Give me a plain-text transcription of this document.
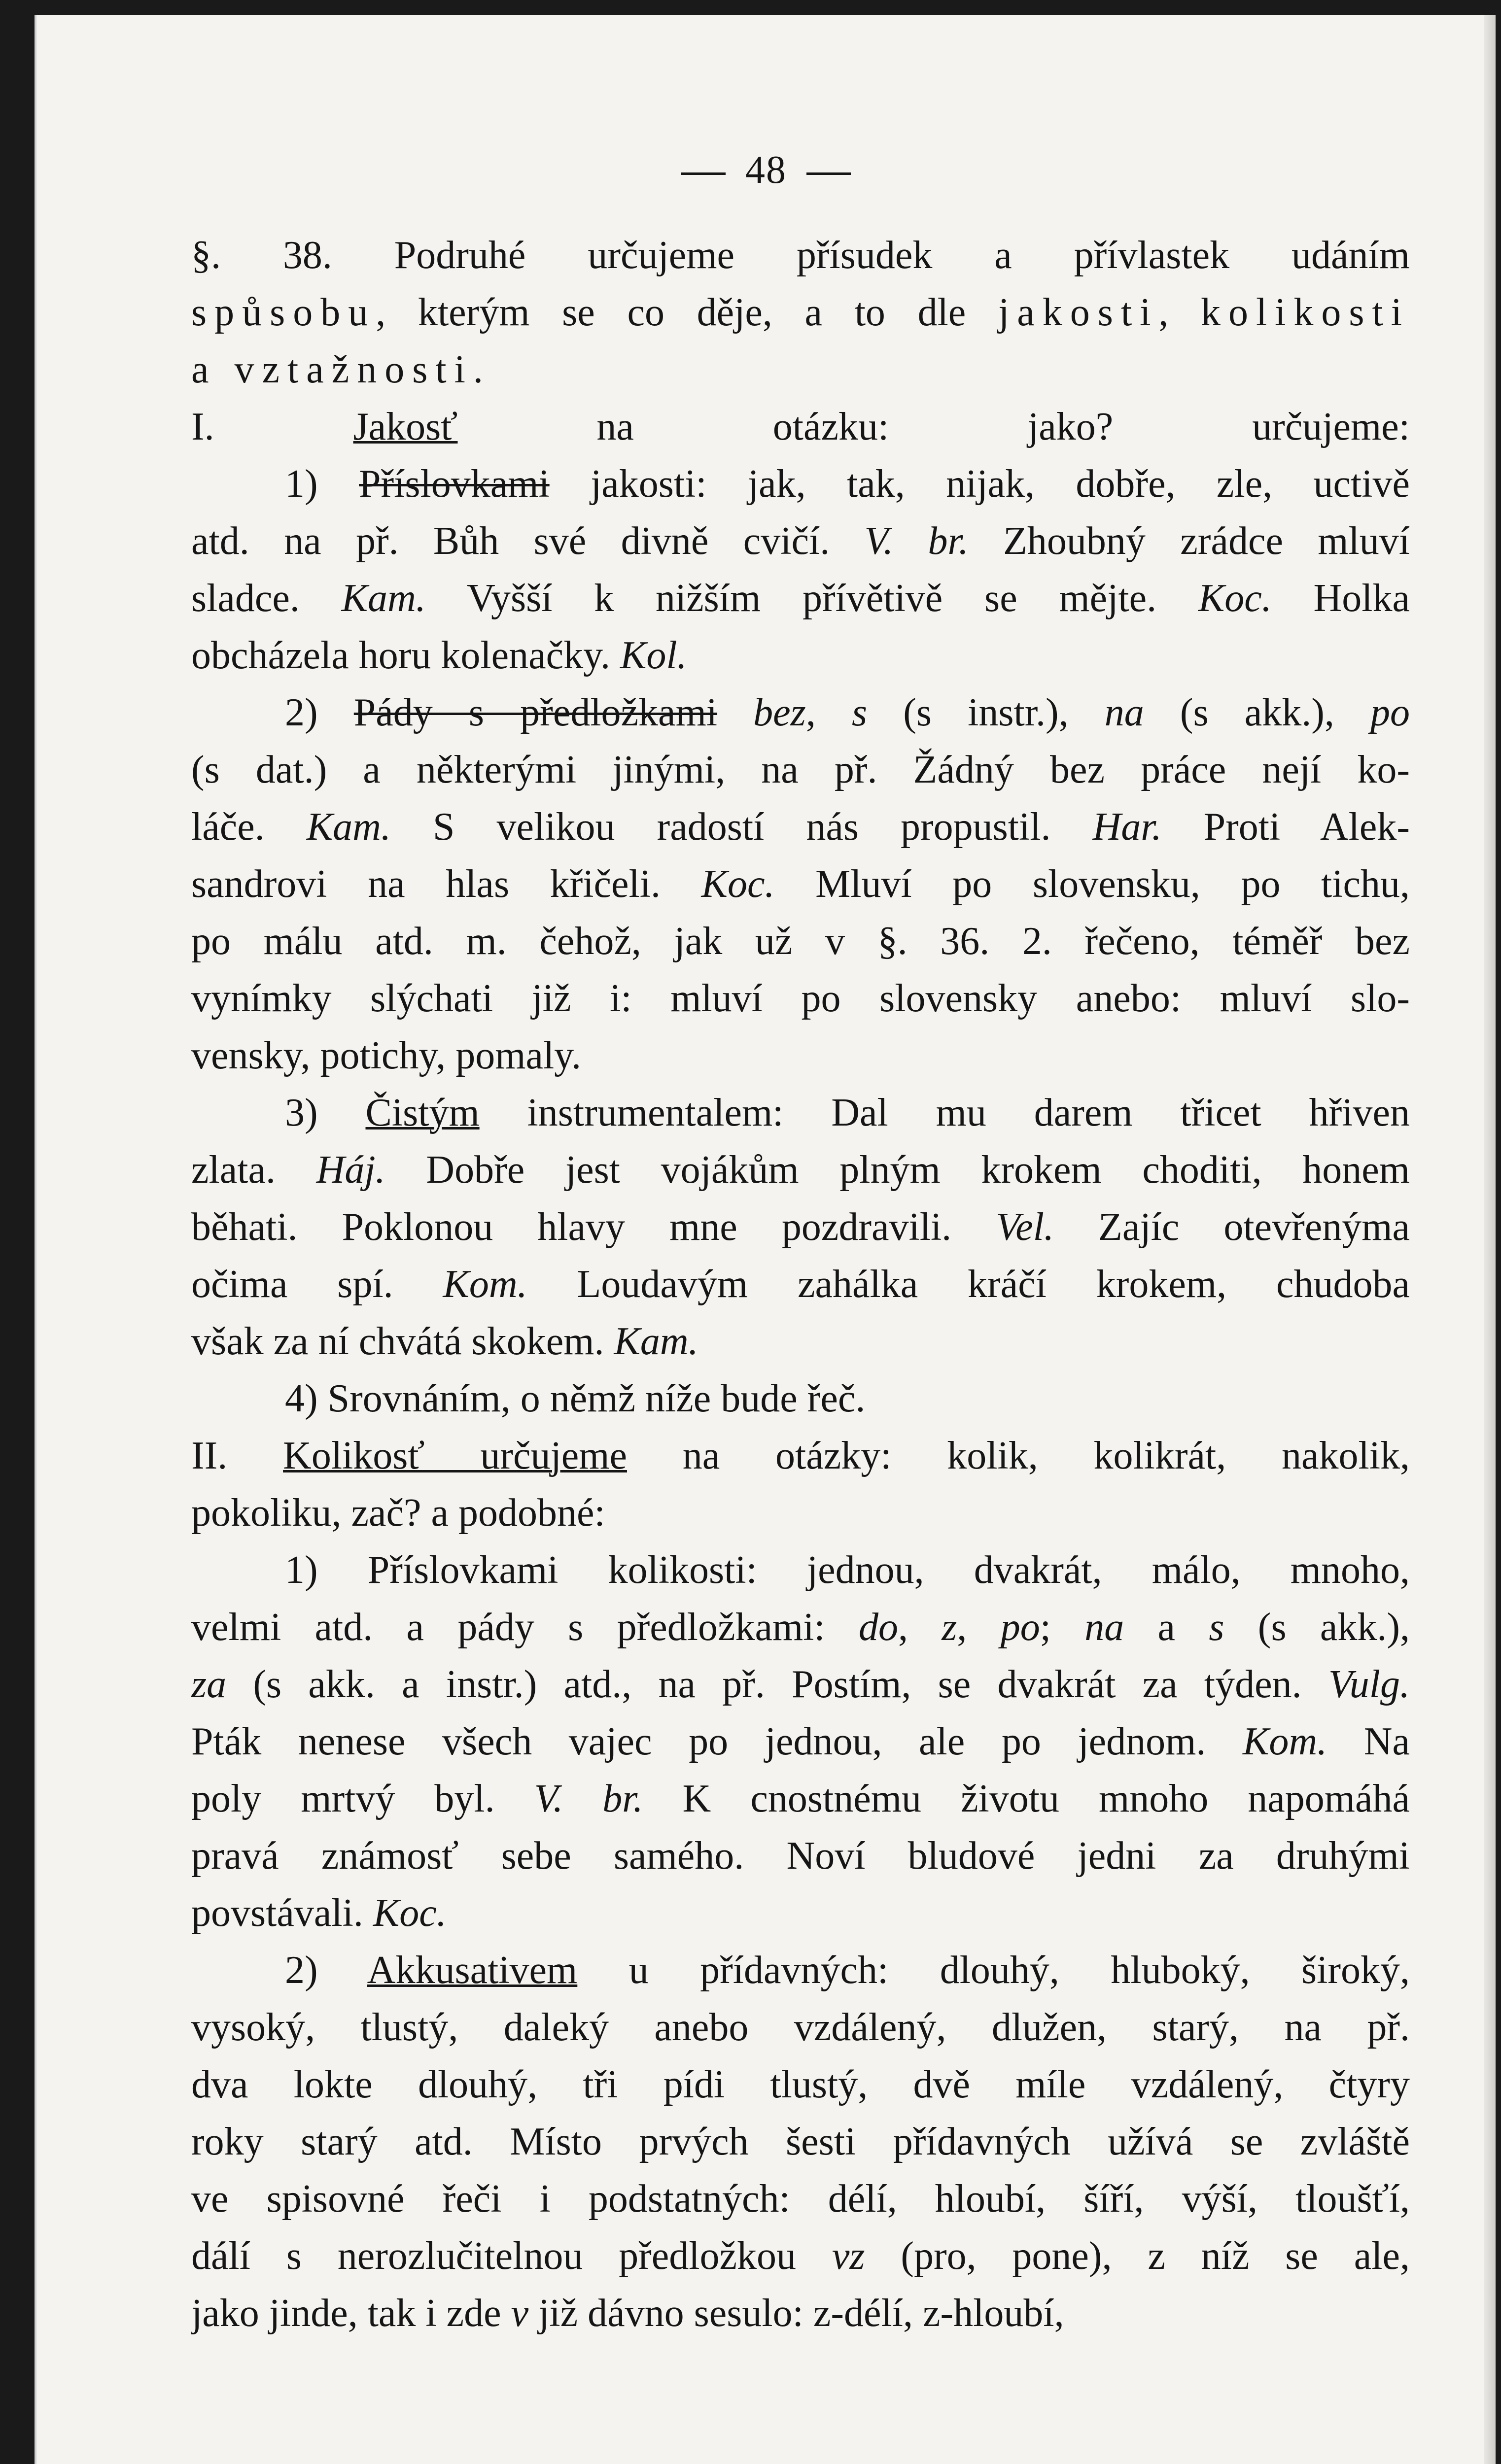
48
§. 38. Podruhé určujeme přísudek a přívlastek udáním
spůsobu, kterým se co děje, a to dle jakosti, kolikosti
a vztažnosti.
I. Jakosť na otázku: jako? určujeme:
1) Příslovkami jakosti: jak, tak, nijak, dobře, zle, uctivě
atd. na př. Bůh své divně cvičí. V. br. Zhoubný zrádce mluví
sladce. Kam. Vyšší k nižším přívětivě se mějte. Koc. Holka
obcházela horu kolenačky. Kol.
2) Pády s předložkami bez, s (s instr.), na (s akk.), po
(s dat.) a některými jinými, na př. Žádný bez práce nejí ko-
láče. Kam. S velikou radostí nás propustil. Har. Proti Alek-
sandrovi na hlas křičeli. Koc. Mluví po slovensku, po tichu,
po málu atd. m. čehož, jak už v §. 36. 2. řečeno, téměř bez
vynímky slýchati již i: mluví po slovensky anebo: mluví slo-
vensky, potichy, pomaly.
3) Čistým instrumentalem: Dal mu darem třicet hřiven
zlata. Háj. Dobře jest vojákům plným krokem choditi, honem
běhati. Poklonou hlavy mne pozdravili. Vel. Zajíc otevřenýma
očima spí. Kom. Loudavým zahálka kráčí krokem, chudoba
však za ní chvátá skokem. Kam.
4) Srovnáním, o němž níže bude řeč.
II. Kolikosť určujeme na otázky: kolik, kolikrát, nakolik,
pokoliku, zač? a podobné:
1) Příslovkami kolikosti: jednou, dvakrát, málo, mnoho,
velmi atd. a pády s předložkami: do, z, po; na a s (s akk.),
za (s akk. a instr.) atd., na př. Postím, se dvakrát za týden. Vulg.
Pták nenese všech vajec po jednou, ale po jednom. Kom. Na
poly mrtvý byl. V. br. K cnostnému životu mnoho napomáhá
pravá známosť sebe samého. Noví bludové jedni za druhými
povstávali. Koc.
2) Akkusativem u přídavných: dlouhý, hluboký, široký,
vysoký, tlustý, daleký anebo vzdálený, dlužen, starý, na př.
dva lokte dlouhý, tři pídi tlustý, dvě míle vzdálený, čtyry
roky starý atd. Místo prvých šesti přídavných užívá se zvláště
ve spisovné řeči i podstatných: délí, hloubí, šíří, výší, tloušťí,
dálí s nerozlučitelnou předložkou vz (pro, pone), z níž se ale,
jako jinde, tak i zde v již dávno sesulo: z-délí, z-hloubí,
